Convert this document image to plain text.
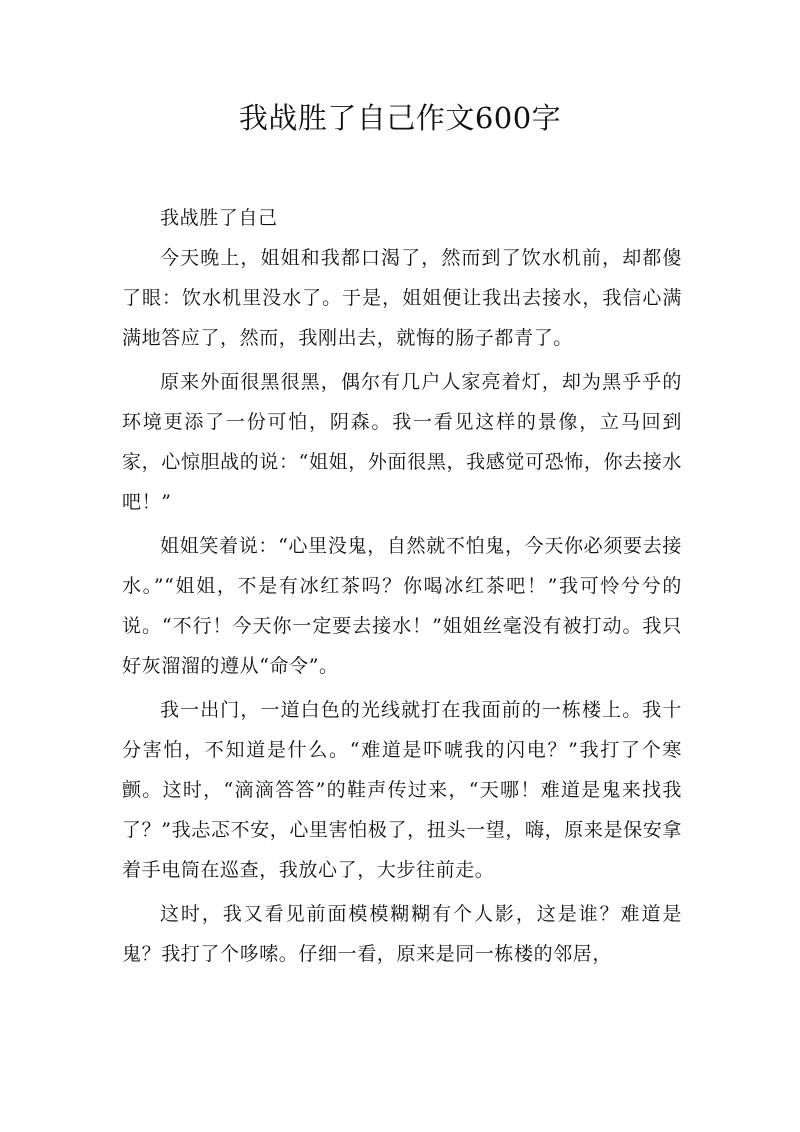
我战胜了自己作文600字

我战胜了自己

今天晚上，姐姐和我都口渴了，然而到了饮水机前，却都傻了眼：饮水机里没水了。于是，姐姐便让我出去接水，我信心满满地答应了，然而，我刚出去，就悔的肠子都青了。

原来外面很黑很黑，偶尔有几户人家亮着灯，却为黑乎乎的环境更添了一份可怕，阴森。我一看见这样的景像，立马回到家，心惊胆战的说：“姐姐，外面很黑，我感觉可恐怖，你去接水吧！”

姐姐笑着说：“心里没鬼，自然就不怕鬼，今天你必须要去接水。”“姐姐，不是有冰红茶吗？你喝冰红茶吧！”我可怜兮兮的说。“不行！今天你一定要去接水！”姐姐丝毫没有被打动。我只好灰溜溜的遵从“命令”。

我一出门，一道白色的光线就打在我面前的一栋楼上。我十分害怕，不知道是什么。“难道是吓唬我的闪电？”我打了个寒颤。这时，“滴滴答答”的鞋声传过来，“天哪！难道是鬼来找我了？”我忐忑不安，心里害怕极了，扭头一望，嗨，原来是保安拿着手电筒在巡查，我放心了，大步往前走。

这时，我又看见前面模模糊糊有个人影，这是谁？难道是鬼？我打了个哆嗦。仔细一看，原来是同一栋楼的邻居，
